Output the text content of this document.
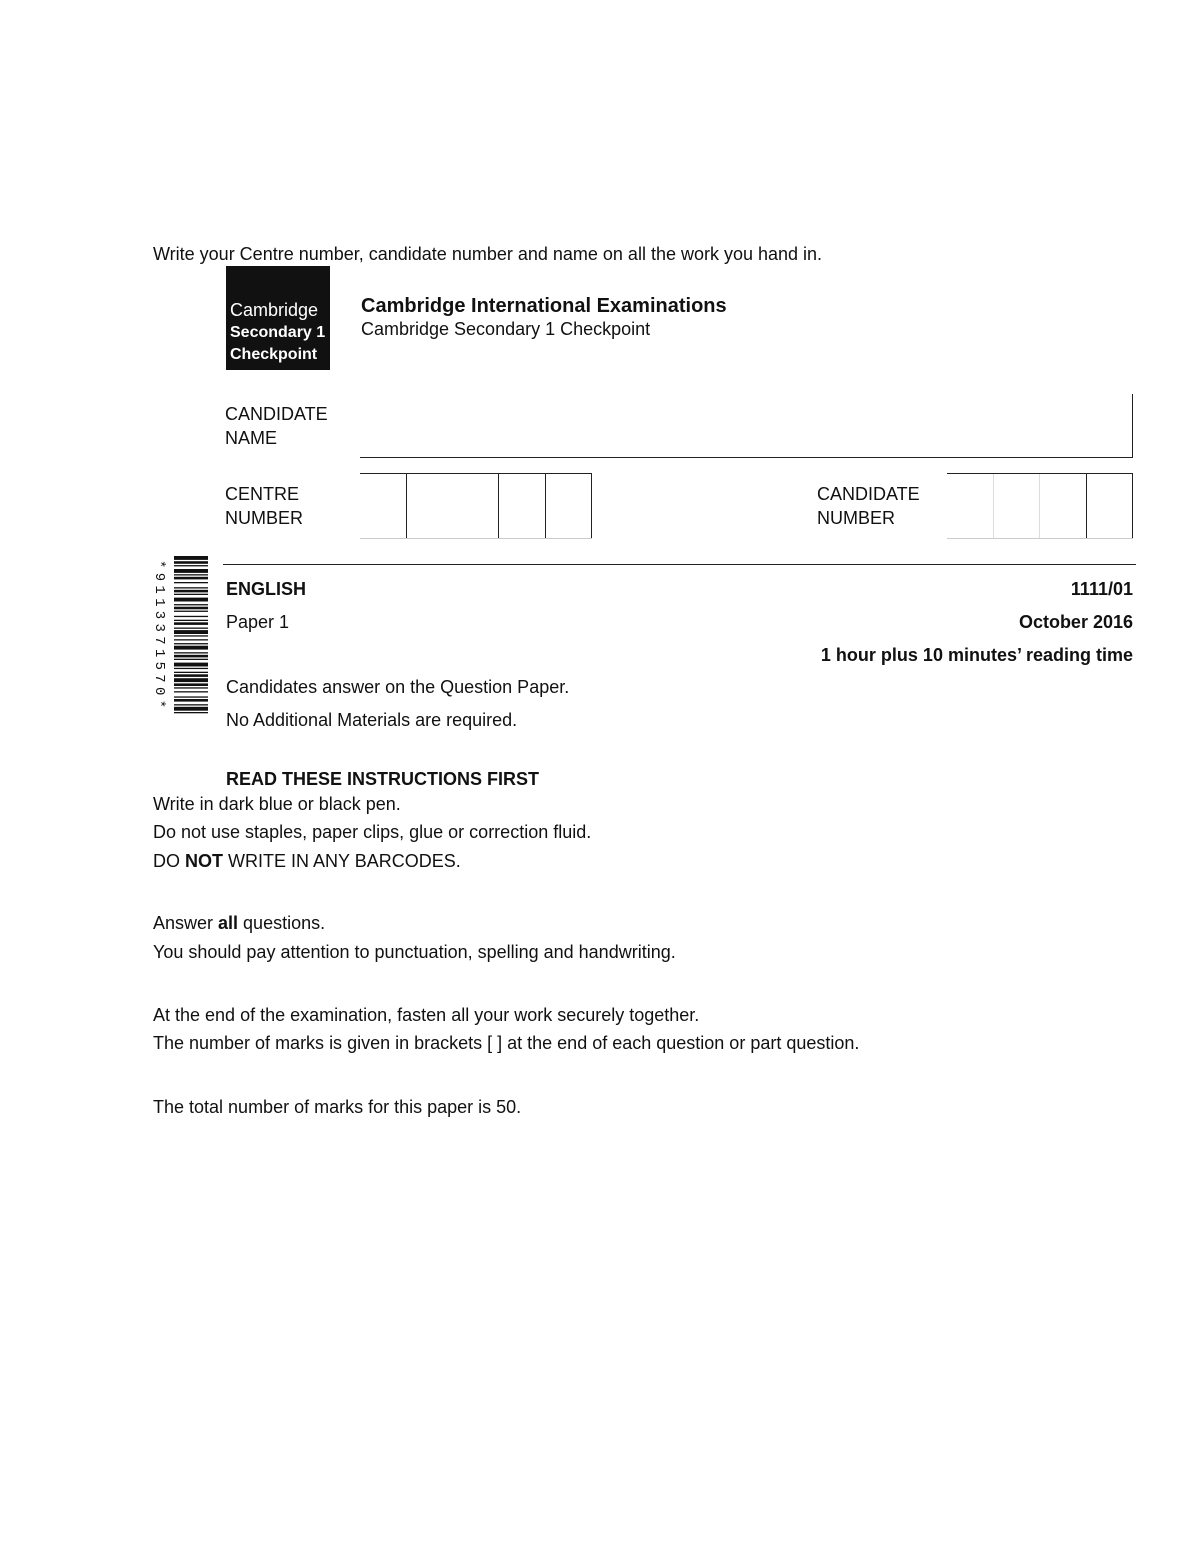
Write your Centre number, candidate number and name on all the work you hand in.
Cambridge
Secondary 1
Checkpoint
Cambridge International Examinations
Cambridge Secondary 1 Checkpoint
CANDIDATE
NAME
CENTRE
NUMBER
CANDIDATE
NUMBER
*9113371570*	ENGLISH	1111/01
Paper 1	October 2016
1 hour plus 10 minutes’ reading time
Candidates answer on the Question Paper.
No Additional Materials are required.
READ THESE INSTRUCTIONS FIRST
Write in dark blue or black pen.
Do not use staples, paper clips, glue or correction fluid.
DO NOT WRITE IN ANY BARCODES.
Answer all questions.
You should pay attention to punctuation, spelling and handwriting.
At the end of the examination, fasten all your work securely together.
The number of marks is given in brackets [ ] at the end of each question or part question.
The total number of marks for this paper is 50.
